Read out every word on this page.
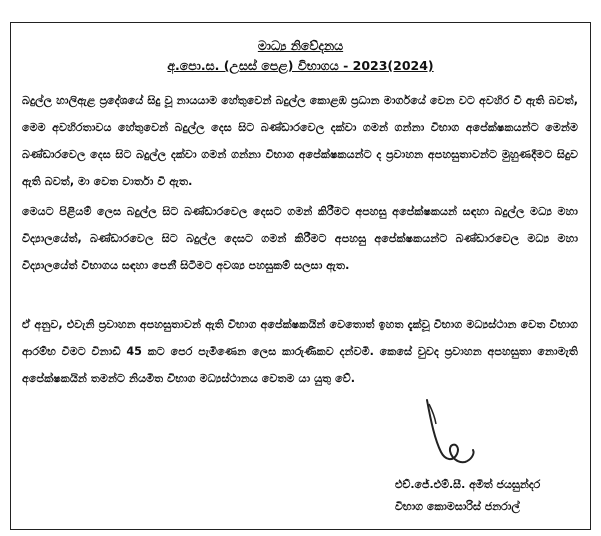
මාධ්‍ය නිවේදනය
අ.පො.ස. (උසස් පෙළ) විභාගය - 2023(2024)
බදුල්ල හාලිඇළ ප්‍රදේශයේ සිදු වූ නායයාම හේතුවෙන් බදුල්ල කොළඹ ප්‍රධාන මාර්ගයේ වෙන වට අවහිර වී ඇති බවත්, මෙම අවහිරතාවය හේතුවෙන් බදුල්ල දෙස සිට බණ්ඩාරවෙල දක්වා ගමන් ගන්නා විභාග අපේක්ෂකයන්ට මෙන්ම බණ්ඩාරවෙල දෙස සිට බදුල්ල දක්වා ගමන් ගන්නා විභාග අපේක්ෂකයන්ට ද ප්‍රවාහන අපහසුතාවන්ට මුහුණදීමට සිදුව ඇති බවත්, මා වෙත වාර්තා වී ඇත.
මෙයට පිළියම් ලෙස බදුල්ල සිට බණ්ඩාරවෙල දෙසට ගමන් කිරීමට අපහසු අපේක්ෂකයන් සඳහා බදුල්ල මධ්‍ය මහා විද්‍යාලයේත්, බණ්ඩාරවෙල සිට බදුල්ල දෙසට ගමන් කිරීමට අපහසු අපේක්ෂකයන්ට බණ්ඩාරවෙල මධ්‍ය මහා විද්‍යාලයේත් විභාගය සඳහා පෙනී සිටීමට අවශ්‍ය පහසුකම් සලසා ඇත.
ඒ අනුව, එවැනි ප්‍රවාහන අපහසුතාවන් ඇති විභාග අපේක්ෂකයින් වෙතොත් ඉහත දැක්වූ විභාග මධ්‍යස්ථාන වෙත විභාග ආරම්භ වීමට විනාඩි 45 කට පෙර පැමිණෙන ලෙස කාරුණිකව දන්වමි. කෙසේ වුවද ප්‍රවාහන අපහසුතා නොමැති අපේක්ෂකයින් තමන්ට නියමිත විභාග මධ්‍යස්ථානය වෙතම යා යුතු වේ.
එච්.ජේ.එම්.සී. අමිත් ජයසුන්දර
විභාග කොමසාරිස් ජනරාල්
